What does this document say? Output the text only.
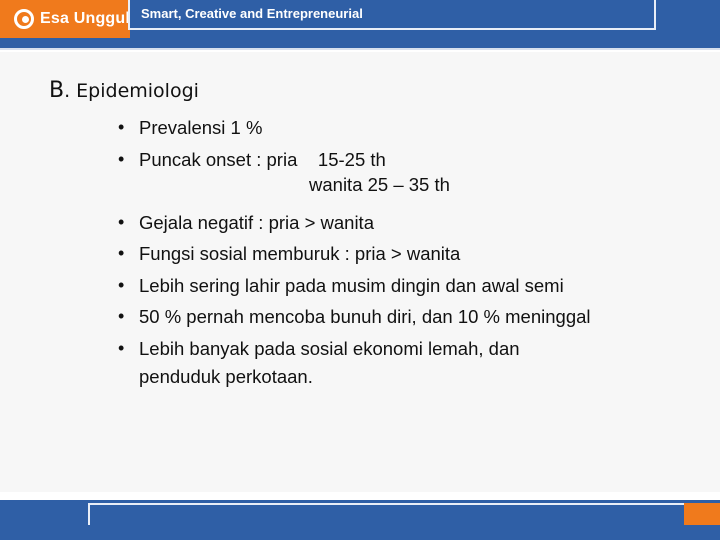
Esa Unggul Smart, Creative and Entrepreneurial
B. Epidemiologi
• Prevalensi 1 %
• Puncak onset : pria    15-25 th

• Gejala negatif : pria > wanita
• Fungsi sosial memburuk : pria > wanita
• Lebih sering lahir pada musim dingin dan awal semi
• 50 % pernah mencoba bunuh diri, dan 10 % meninggal
• Lebih banyak pada sosial ekonomi lemah, dan
penduduk perkotaan.
wanita 25 – 35 th
